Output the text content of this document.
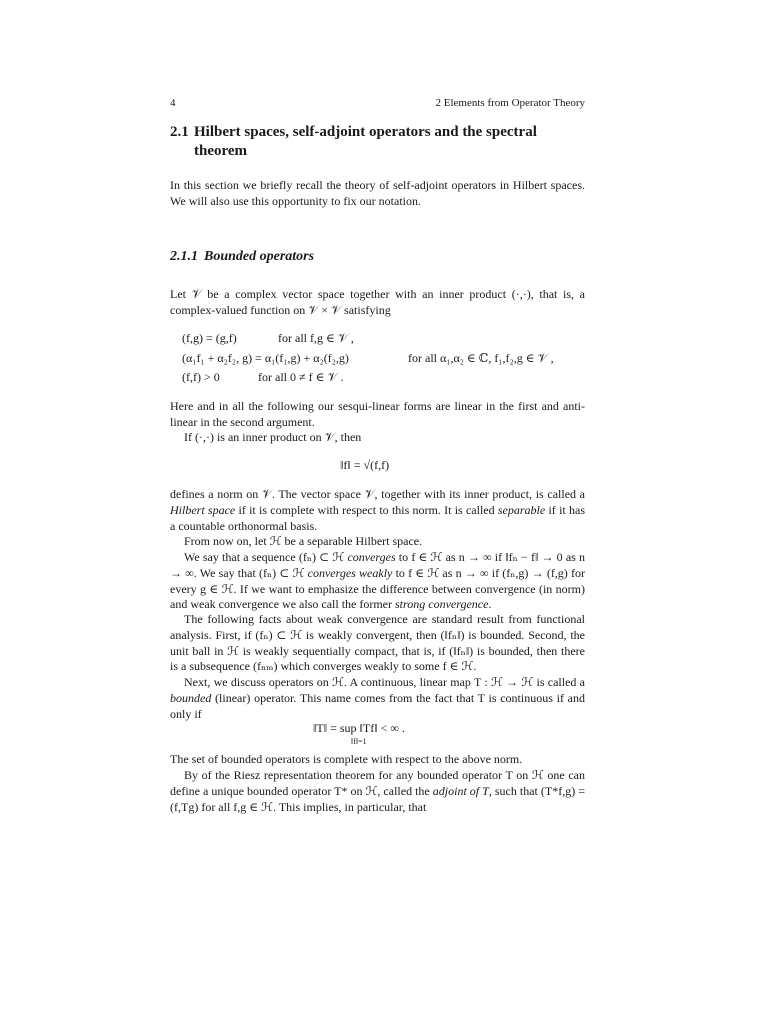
4	2 Elements from Operator Theory
2.1 Hilbert spaces, self-adjoint operators and the spectral theorem
In this section we briefly recall the theory of self-adjoint operators in Hilbert spaces. We will also use this opportunity to fix our notation.
2.1.1 Bounded operators
Let 𝒱 be a complex vector space together with an inner product (·,·), that is, a complex-valued function on 𝒱 × 𝒱 satisfying
(f,g) = (g,f)	for all f,g ∈ 𝒱 ,
(α₁f₁ + α₂f₂, g) = α₁(f₁,g) + α₂(f₂,g)	for all α₁,α₂ ∈ ℂ, f₁,f₂,g ∈ 𝒱 ,
(f,f) > 0	for all 0 ≠ f ∈ 𝒱 .
Here and in all the following our sesqui-linear forms are linear in the first and anti-linear in the second argument.
If (·,·) is an inner product on 𝒱, then
‖f‖ = √(f,f)
defines a norm on 𝒱. The vector space 𝒱, together with its inner product, is called a Hilbert space if it is complete with respect to this norm. It is called separable if it has a countable orthonormal basis.
From now on, let ℋ be a separable Hilbert space.
We say that a sequence (fₙ) ⊂ ℋ converges to f ∈ ℋ as n → ∞ if ‖fₙ − f‖ → 0 as n → ∞. We say that (fₙ) ⊂ ℋ converges weakly to f ∈ ℋ as n → ∞ if (fₙ,g) → (f,g) for every g ∈ ℋ. If we want to emphasize the difference between convergence (in norm) and weak convergence we also call the former strong convergence.
The following facts about weak convergence are standard result from functional analysis. First, if (fₙ) ⊂ ℋ is weakly convergent, then (‖fₙ‖) is bounded. Second, the unit ball in ℋ is weakly sequentially compact, that is, if (‖fₙ‖) is bounded, then there is a subsequence (fₙₘ) which converges weakly to some f ∈ ℋ.
Next, we discuss operators on ℋ. A continuous, linear map T : ℋ → ℋ is called a bounded (linear) operator. This name comes from the fact that T is continuous if and only if
‖T‖ = sup ‖Tf‖ < ∞ .
‖f‖=1
The set of bounded operators is complete with respect to the above norm.
By of the Riesz representation theorem for any bounded operator T on ℋ one can define a unique bounded operator T* on ℋ, called the adjoint of T, such that (T*f,g) = (f,Tg) for all f,g ∈ ℋ. This implies, in particular, that
